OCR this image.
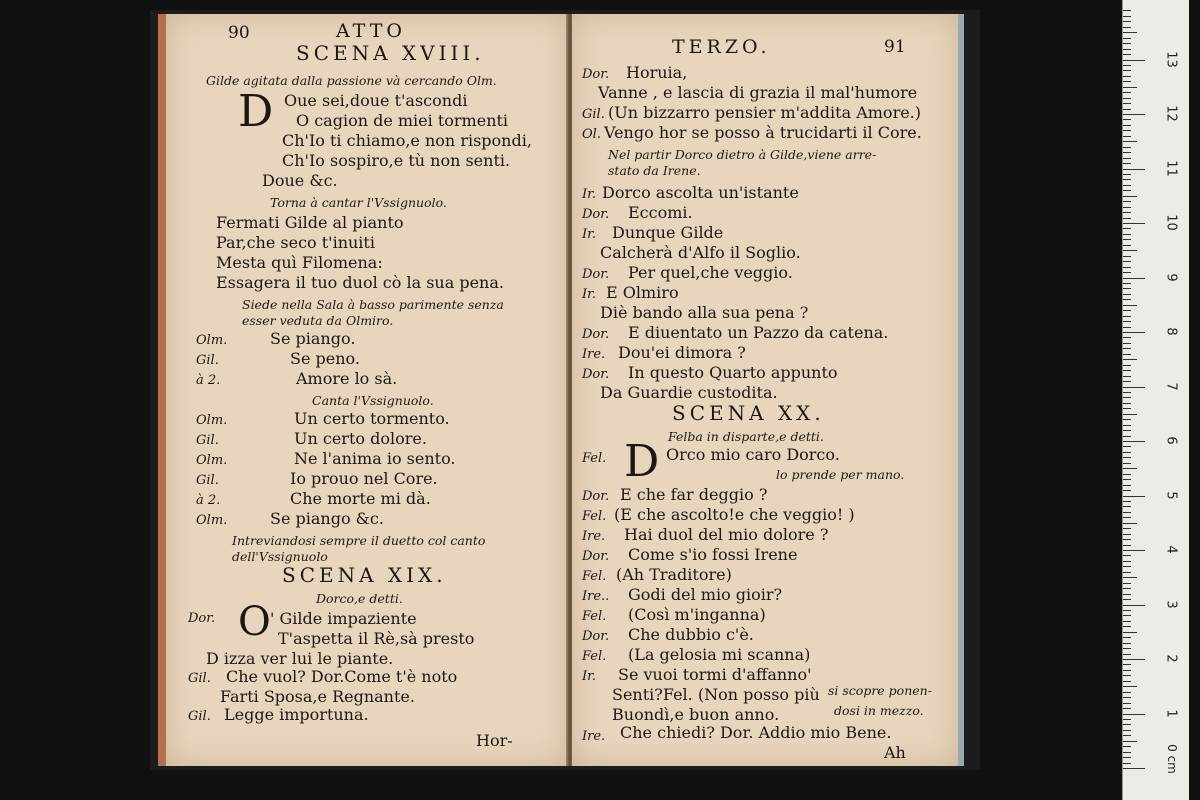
90	ATTO
SCENA XVIII.
Gilde agitata dalla passione và cercando Olm.
D Oue sei,doue t'ascondi
O cagion de miei tormenti
Ch'Io ti chiamo,e non rispondi,
Ch'Io sospiro,e tù non senti.
Doue &c.
Torna à cantar l'Vssignuolo.
Fermati Gilde al pianto
Par,che seco t'inuiti
Mesta quì Filomena:
Essagera il tuo duol cò la sua pena.
Siede nella Sala à basso parimente senza
esser veduta da Olmiro.
Olm.	Se piango.
Gil.	Se peno.
à 2.	Amore lo sà.
Canta l'Vssignuolo.
Olm.	Un certo tormento.
Gil.	Un certo dolore.
Olm.	Ne l'anima io sento.
Gil.	Io prouo nel Core.
à 2.	Che morte mi dà.
Olm.	Se piango &c.
Intreviandosi sempre il duetto col canto
dell'Vssignuolo
SCENA XIX.
Dorco,e detti.
Dor. O ' Gilde impaziente
T'aspetta il Rè,sà presto
D izza ver lui le piante.
Gil. Che vuol? Dor.Come t'è noto
Farti Sposa,e Regnante.
Gil. Legge importuna.
Hor-
TERZO.	91
Dor. Horuia,
Vanne , e lascia di grazia il mal'humore
Gil. (Un bizzarro pensier m'addita Amore.)
Ol. Vengo hor se posso à trucidarti il Core.
Nel partir Dorco dietro à Gilde,viene arre-
stato da Irene.
Ir. Dorco ascolta un'istante
Dor. Eccomi.
Ir. Dunque Gilde
Calcherà d'Alfo il Soglio.
Dor. Per quel,che veggio.
Ir. E Olmiro
Diè bando alla sua pena ?
Dor. E diuentato un Pazzo da catena.
Ire. Dou'ei dimora ?
Dor. In questo Quarto appunto
Da Guardie custodita.
SCENA XX.
Felba in disparte,e detti.
Fel. D Orco mio caro Dorco.
lo prende per mano.
Dor. E che far deggio ?
Fel. (E che ascolto!e che veggio! )
Ire. Hai duol del mio dolore ?
Dor. Come s'io fossi Irene
Fel. (Ah Traditore)
Ire.. Godi del mio gioir?
Fel. (Così m'inganna)
Dor. Che dubbio c'è.
Fel. (La gelosia mi scanna)
Ir. Se vuoi tormi d'affanno'
Senti?Fel. (Non posso più
Buondì,e buon anno.
si scopre ponen-
dosi in mezzo.
Ire. Che chiedi? Dor. Addio mio Bene.
Ah	0 cm
1
2
3
4
5
6
7
8
9
10
11
12
13
